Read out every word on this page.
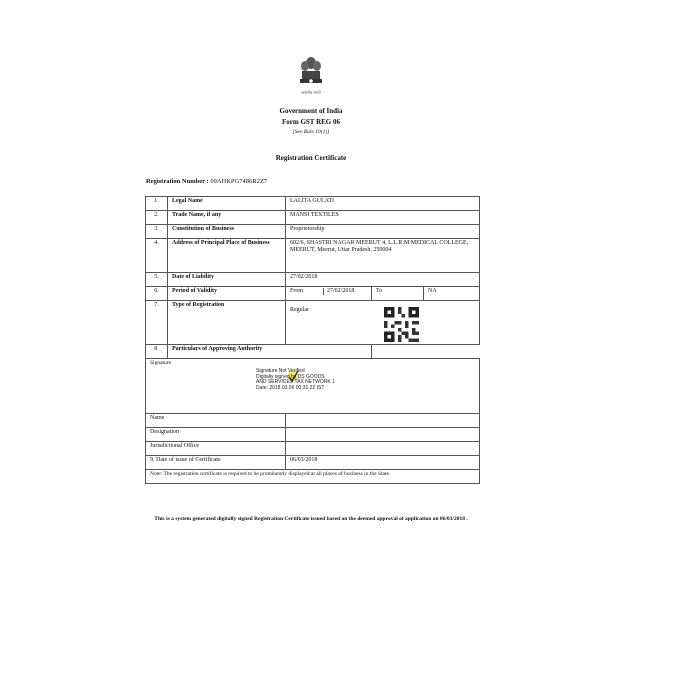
सत्यमेव जयते
Government of India
Form GST REG 06
[See Rule 10(1)]
Registration Certificate
Registration Number : 09AHKPG7486R2Z7
1.	Legal Name	LALITA GULATI		
2.	Trade Name, if any	MANSI TEXTILES		
3.	Constitution of Business	Proprietorship		
4.	Address of Principal Place of Business	602/6, SHASTRI NAGAR MEERUT 4, L.L.R.M MEDICAL COLLEGE, MEERUT, Meerut, Uttar Pradesh, 250004		
5.	Date of Liability	27/02/2018		
6.	Period of Validity	From 27/02/2018	To	NA
7.	Type of Registration	Regular		

8.	Particulars of Approving Authority			

Signature
Signature Not Verified
Digitally signed by DS GOODS
AND SERVICES TAX NETWORK 1
Date: 2018.03.06 00:31:22 IST				

Name				
Designation				
Jurisdictional Office				
9. Date of issue of Certificate		06/03/2018		
Note: The registration certificate is required to be prominently displayed at all places of business in the State.				
This is a system generated digitally signed Registration Certificate issued based on the deemed approval of application on 06/03/2018 .
